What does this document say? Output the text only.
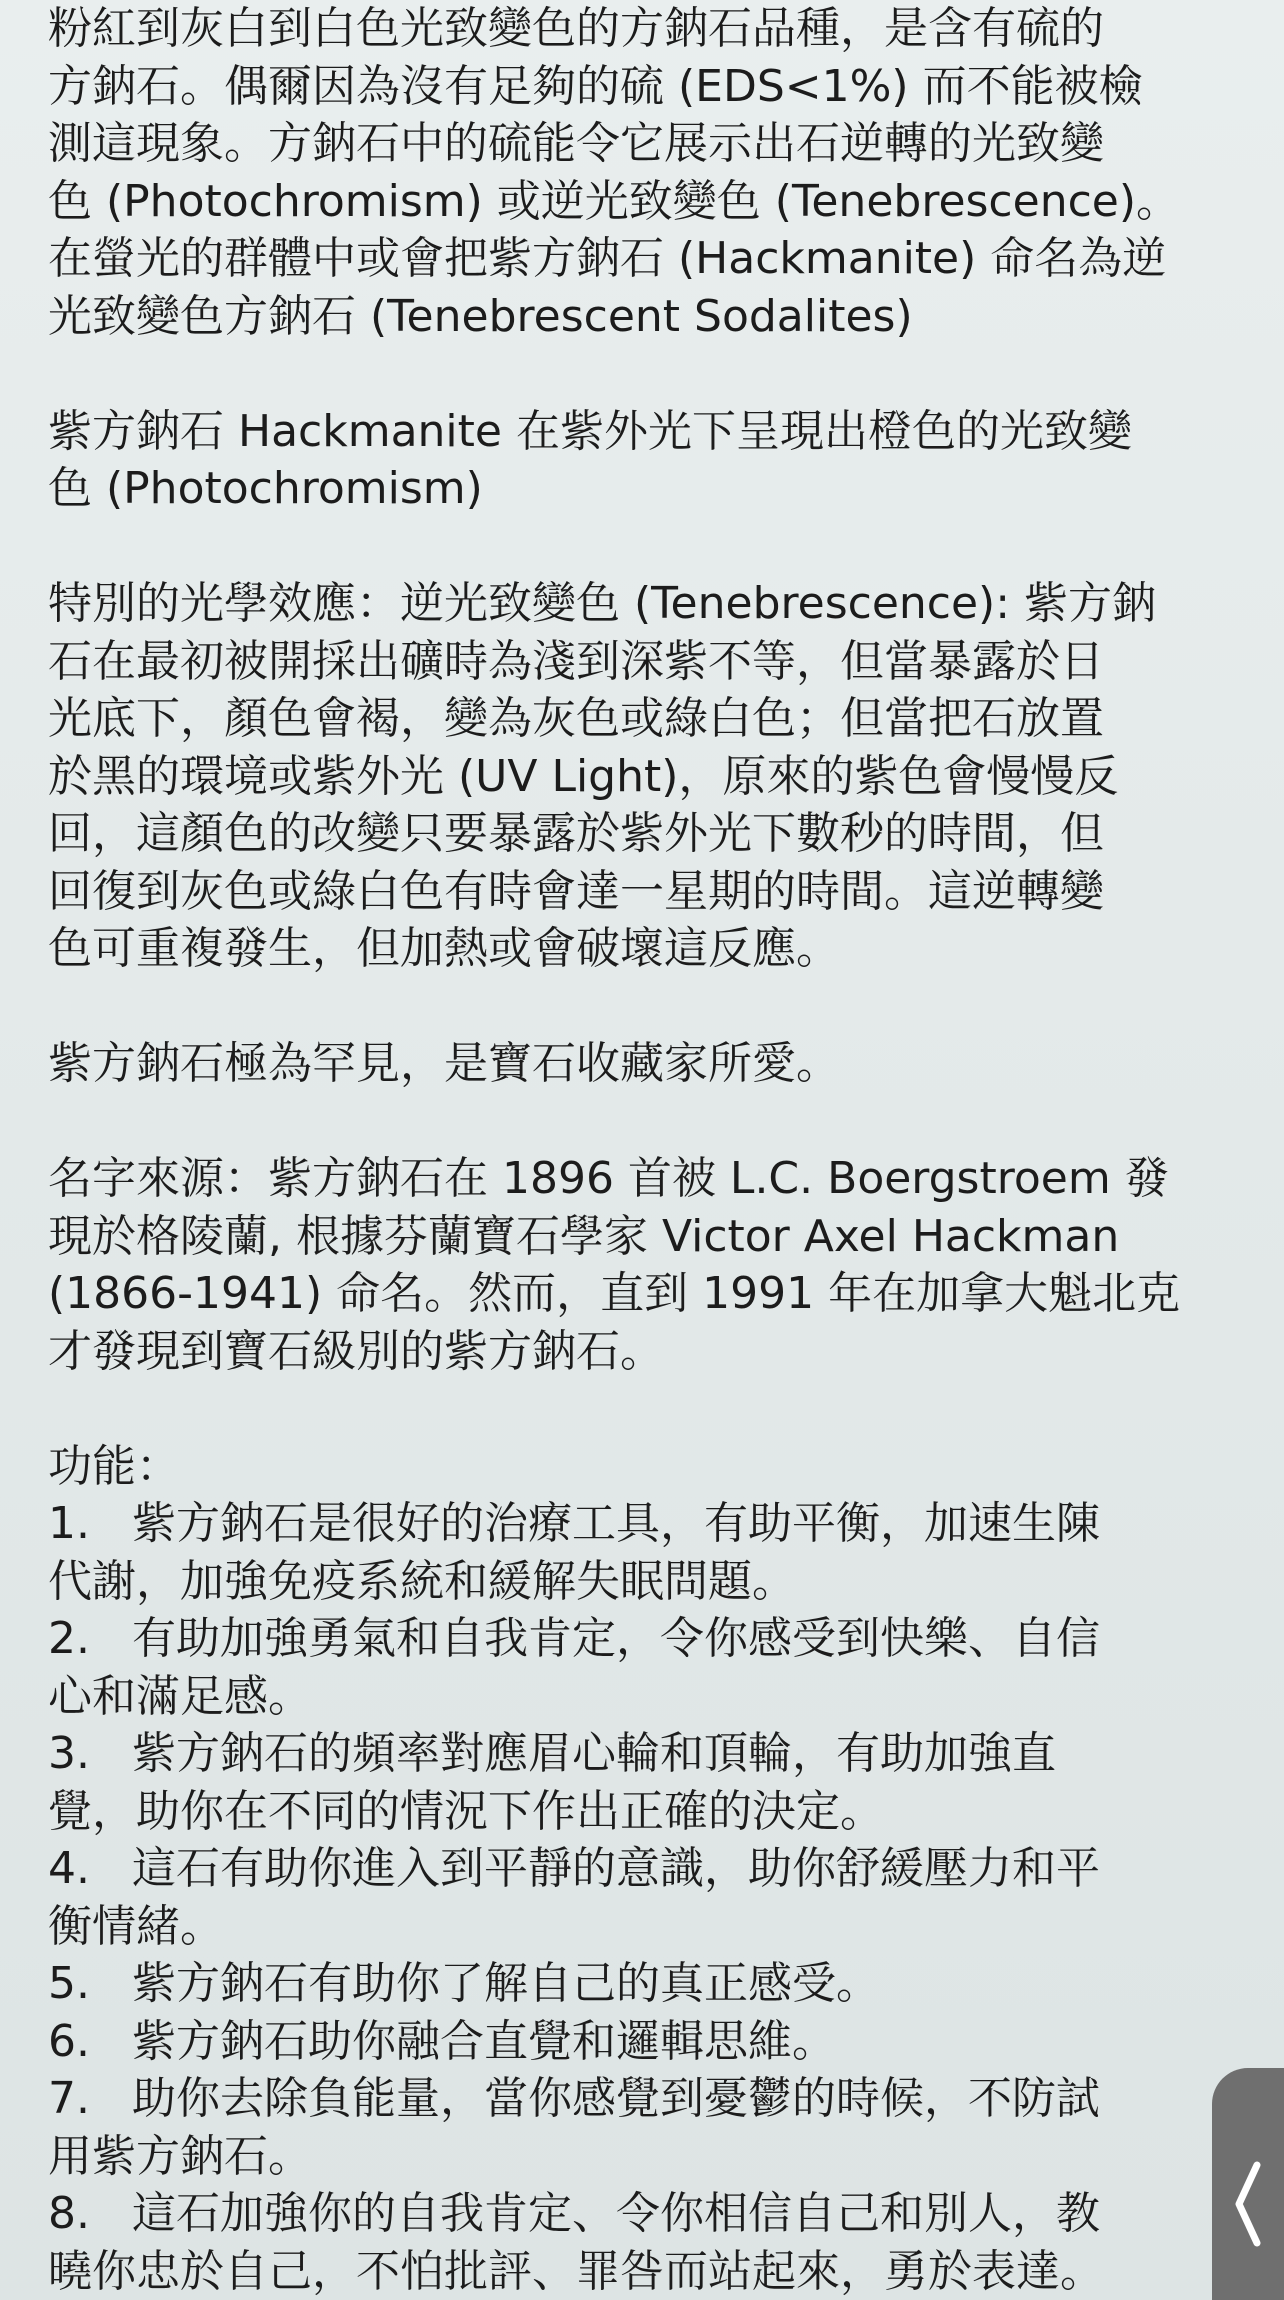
粉紅到灰白到白色光致變色的方鈉石品種，是含有硫的
方鈉石。偶爾因為沒有足夠的硫 (EDS<1%) 而不能被檢
測這現象。方鈉石中的硫能令它展示出石逆轉的光致變
色 (Photochromism) 或逆光致變色 (Tenebrescence)。
在螢光的群體中或會把紫方鈉石 (Hackmanite) 命名為逆
光致變色方鈉石 (Tenebrescent Sodalites)

紫方鈉石 Hackmanite 在紫外光下呈現出橙色的光致變
色 (Photochromism)

特別的光學效應：逆光致變色 (Tenebrescence): 紫方鈉
石在最初被開採出礦時為淺到深紫不等，但當暴露於日
光底下，顏色會褐，變為灰色或綠白色；但當把石放置
於黑的環境或紫外光 (UV Light)，原來的紫色會慢慢反
回，這顏色的改變只要暴露於紫外光下數秒的時間，但
回復到灰色或綠白色有時會達一星期的時間。這逆轉變
色可重複發生，但加熱或會破壞這反應。

紫方鈉石極為罕見，是寶石收藏家所愛。

名字來源：紫方鈉石在 1896 首被 L.C. Boergstroem 發
現於格陵蘭, 根據芬蘭寶石學家 Victor Axel Hackman
(1866-1941) 命名。然而，直到 1991 年在加拿大魁北克
才發現到寶石級別的紫方鈉石。

功能：

1. 紫方鈉石是很好的治療工具，有助平衡，加速生陳
代謝，加強免疫系統和緩解失眠問題。
2. 有助加強勇氣和自我肯定，令你感受到快樂、自信
心和滿足感。
3. 紫方鈉石的頻率對應眉心輪和頂輪，有助加強直
覺，助你在不同的情況下作出正確的決定。
4. 這石有助你進入到平靜的意識，助你舒緩壓力和平
衡情緒。
5. 紫方鈉石有助你了解自己的真正感受。
6. 紫方鈉石助你融合直覺和邏輯思維。
7. 助你去除負能量，當你感覺到憂鬱的時候，不防試
用紫方鈉石。
8. 這石加強你的自我肯定、令你相信自己和別人，教
曉你忠於自己，不怕批評、罪咎而站起來，勇於表達。
